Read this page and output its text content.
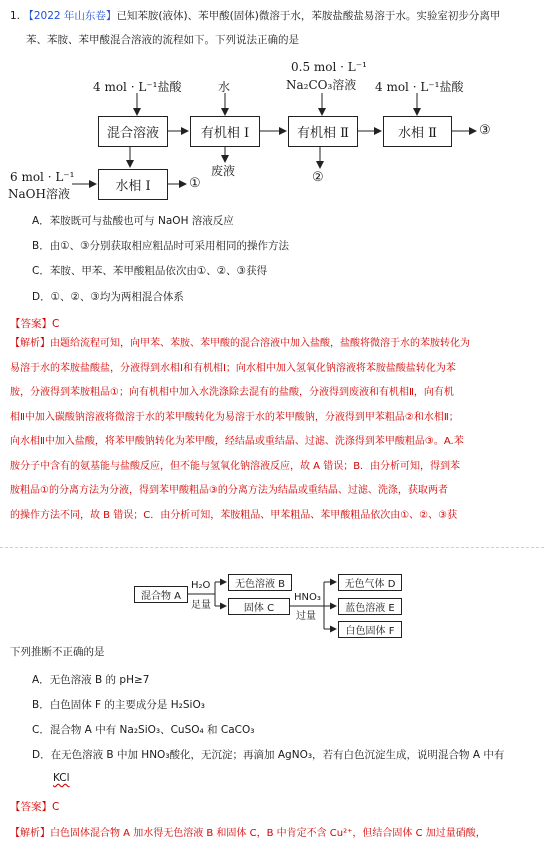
1. 【2022 年山东卷】已知苯胺(液体)、苯甲酸(固体)微溶于水，苯胺盐酸盐易溶于水。实验室初步分离甲
苯、苯胺、苯甲酸混合溶液的流程如下。下列说法正确的是
4 mol · L⁻¹盐酸	水
0.5 mol · L⁻¹
Na₂CO₃溶液 4 mol · L⁻¹盐酸
混合溶液	有机相 Ⅰ	有机相 Ⅱ	水相 Ⅱ	③
废液	②
6 mol · L⁻¹
NaOH溶液	水相 Ⅰ	①
A．苯胺既可与盐酸也可与 NaOH 溶液反应
B．由①、③分别获取相应粗品时可采用相同的操作方法
C．苯胺、甲苯、苯甲酸粗品依次由①、②、③获得
D．①、②、③均为两相混合体系
【答案】C
【解析】由题给流程可知，向甲苯、苯胺、苯甲酸的混合溶液中加入盐酸，盐酸将微溶于水的苯胺转化为
易溶于水的苯胺盐酸盐，分液得到水相Ⅰ和有机相Ⅰ；向水相中加入氢氧化钠溶液将苯胺盐酸盐转化为苯
胺，分液得到苯胺粗品①；向有机相中加入水洗涤除去混有的盐酸，分液得到废液和有机相Ⅱ，向有机
相Ⅱ中加入碳酸钠溶液将微溶于水的苯甲酸转化为易溶于水的苯甲酸钠，分液得到甲苯粗品②和水相Ⅱ；
向水相Ⅱ中加入盐酸，将苯甲酸钠转化为苯甲酸，经结晶或重结晶、过滤、洗涤得到苯甲酸粗品③。A.苯
胺分子中含有的氨基能与盐酸反应，但不能与氢氧化钠溶液反应，故 A 错误；B．由分析可知，得到苯
胺粗品①的分离方法为分液，得到苯甲酸粗品③的分离方法为结晶或重结晶、过滤、洗涤，获取两者
的操作方法不同，故 B 错误；C．由分析可知，苯胺粗品、甲苯粗品、苯甲酸粗品依次由①、②、③获
混合物 A
H₂O
足量
无色溶液 B
固体 C
HNO₃
过量
无色气体 D
蓝色溶液 E
白色固体 F
下列推断不正确的是
A．无色溶液 B 的 pH≥7
B．白色固体 F 的主要成分是 H₂SiO₃
C．混合物 A 中有 Na₂SiO₃、CuSO₄ 和 CaCO₃
D．在无色溶液 B 中加 HNO₃酸化，无沉淀；再滴加 AgNO₃，若有白色沉淀生成，说明混合物 A 中有
KCl
【答案】C
【解析】白色固体混合物 A 加水得无色溶液 B 和固体 C，B 中肯定不含 Cu²⁺，但结合固体 C 加过量硝酸，
